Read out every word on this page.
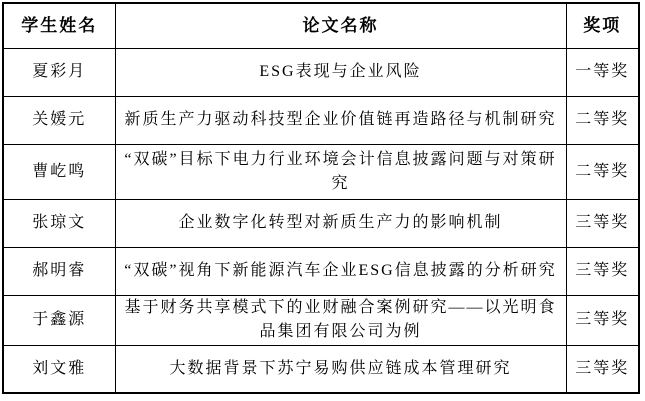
学生姓名	论文名称	奖项
夏彩月	ESG表现与企业风险	一等奖
关媛元	新质生产力驱动科技型企业价值链再造路径与机制研究	二等奖
曹屹鸣	“双碳”目标下电力行业环境会计信息披露问题与对策研究	二等奖
张琼文	企业数字化转型对新质生产力的影响机制	三等奖
郝明睿	“双碳”视角下新能源汽车企业ESG信息披露的分析研究	三等奖
于鑫源	基于财务共享模式下的业财融合案例研究——以光明食品集团有限公司为例	三等奖
刘文雅	大数据背景下苏宁易购供应链成本管理研究	三等奖
